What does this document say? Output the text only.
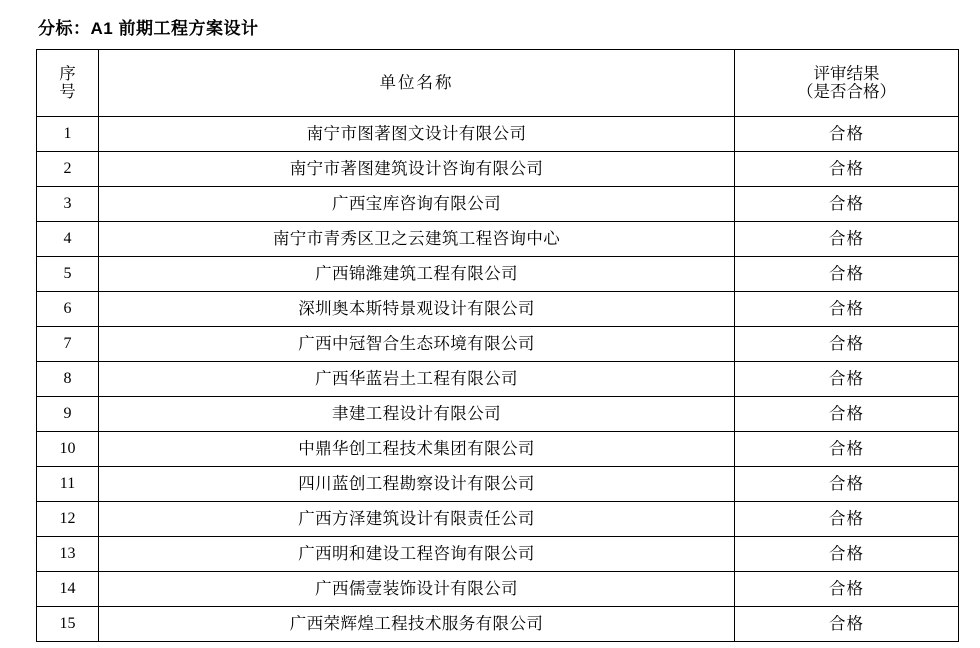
分标：A1 前期工程方案设计
序
号	单位名称	评审结果
（是否合格）

1	南宁市图著图文设计有限公司	合格
2	南宁市著图建筑设计咨询有限公司	合格
3	广西宝库咨询有限公司	合格
4	南宁市青秀区卫之云建筑工程咨询中心	合格
5	广西锦潍建筑工程有限公司	合格
6	深圳奥本斯特景观设计有限公司	合格
7	广西中冠智合生态环境有限公司	合格
8	广西华蓝岩土工程有限公司	合格
9	聿建工程设计有限公司	合格
10	中鼎华创工程技术集团有限公司	合格
11	四川蓝创工程勘察设计有限公司	合格
12	广西方泽建筑设计有限责任公司	合格
13	广西明和建设工程咨询有限公司	合格
14	广西儒壹装饰设计有限公司	合格
15	广西荣辉煌工程技术服务有限公司	合格
